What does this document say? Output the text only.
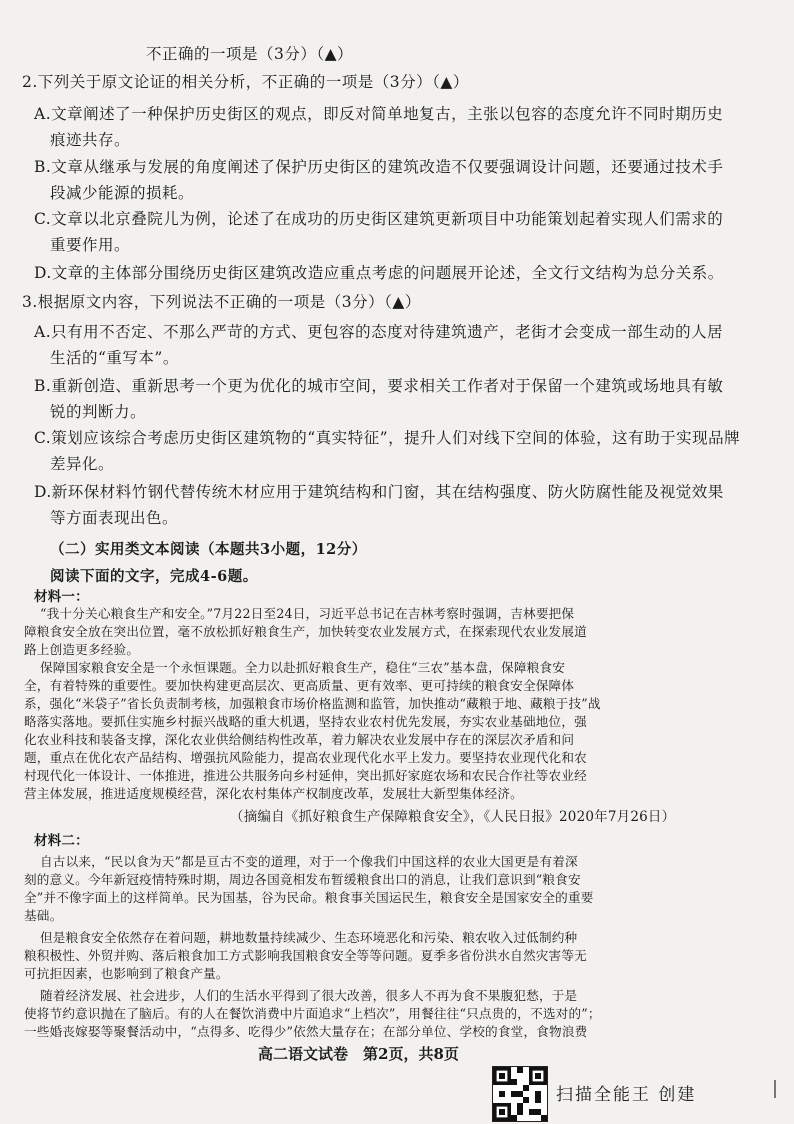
不正确的一项是（3分）（▲）
2.下列关于原文论证的相关分析，不正确的一项是（3分）（▲）
A.文章阐述了一种保护历史街区的观点，即反对简单地复古，主张以包容的态度允许不同时期历史
痕迹共存。
B.文章从继承与发展的角度阐述了保护历史街区的建筑改造不仅要强调设计问题，还要通过技术手
段减少能源的损耗。
C.文章以北京叠院儿为例，论述了在成功的历史街区建筑更新项目中功能策划起着实现人们需求的
重要作用。
D.文章的主体部分围绕历史街区建筑改造应重点考虑的问题展开论述，全文行文结构为总分关系。
3.根据原文内容，下列说法不正确的一项是（3分）（▲）
A.只有用不否定、不那么严苛的方式、更包容的态度对待建筑遗产，老街才会变成一部生动的人居
生活的“重写本”。
B.重新创造、重新思考一个更为优化的城市空间，要求相关工作者对于保留一个建筑或场地具有敏
锐的判断力。
C.策划应该综合考虑历史街区建筑物的“真实特征”，提升人们对线下空间的体验，这有助于实现品牌
差异化。
D.新环保材料竹钢代替传统木材应用于建筑结构和门窗，其在结构强度、防火防腐性能及视觉效果
等方面表现出色。
（二）实用类文本阅读（本题共3小题，12分）
阅读下面的文字，完成4-6题。
材料一：
“我十分关心粮食生产和安全。”7月22日至24日，习近平总书记在吉林考察时强调，吉林要把保
障粮食安全放在突出位置，毫不放松抓好粮食生产，加快转变农业发展方式，在探索现代农业发展道
路上创造更多经验。
保障国家粮食安全是一个永恒课题。全力以赴抓好粮食生产，稳住“三农”基本盘，保障粮食安
全，有着特殊的重要性。要加快构建更高层次、更高质量、更有效率、更可持续的粮食安全保障体
系，强化“米袋子”省长负责制考核，加强粮食市场价格监测和监管，加快推动“藏粮于地、藏粮于技”战
略落实落地。要抓住实施乡村振兴战略的重大机遇，坚持农业农村优先发展，夯实农业基础地位，强
化农业科技和装备支撑，深化农业供给侧结构性改革，着力解决农业发展中存在的深层次矛盾和问
题，重点在优化农产品结构、增强抗风险能力，提高农业现代化水平上发力。要坚持农业现代化和农
村现代化一体设计、一体推进，推进公共服务向乡村延伸，突出抓好家庭农场和农民合作社等农业经
营主体发展，推进适度规模经营，深化农村集体产权制度改革，发展壮大新型集体经济。
（摘编自《抓好粮食生产保障粮食安全》，《人民日报》2020年7月26日）
材料二：
自古以来，“民以食为天”都是亘古不变的道理，对于一个像我们中国这样的农业大国更是有着深
刻的意义。今年新冠疫情特殊时期，周边各国竟相发布暂缓粮食出口的消息，让我们意识到“粮食安
全”并不像字面上的这样简单。民为国基，谷为民命。粮食事关国运民生，粮食安全是国家安全的重要
基础。
但是粮食安全依然存在着问题，耕地数量持续减少、生态环境恶化和污染、粮农收入过低制约种
粮积极性、外贸并购、落后粮食加工方式影响我国粮食安全等等问题。夏季多省份洪水自然灾害等无
可抗拒因素，也影响到了粮食产量。
随着经济发展、社会进步，人们的生活水平得到了很大改善，很多人不再为食不果腹犯愁，于是
使将节约意识抛在了脑后。有的人在餐饮消费中片面追求“上档次”，用餐往往“只点贵的，不选对的”；
一些婚丧嫁娶等聚餐活动中，“点得多、吃得少”依然大量存在；在部分单位、学校的食堂，食物浪费
高二语文试卷　第2页，共8页
扫描全能王 创建
